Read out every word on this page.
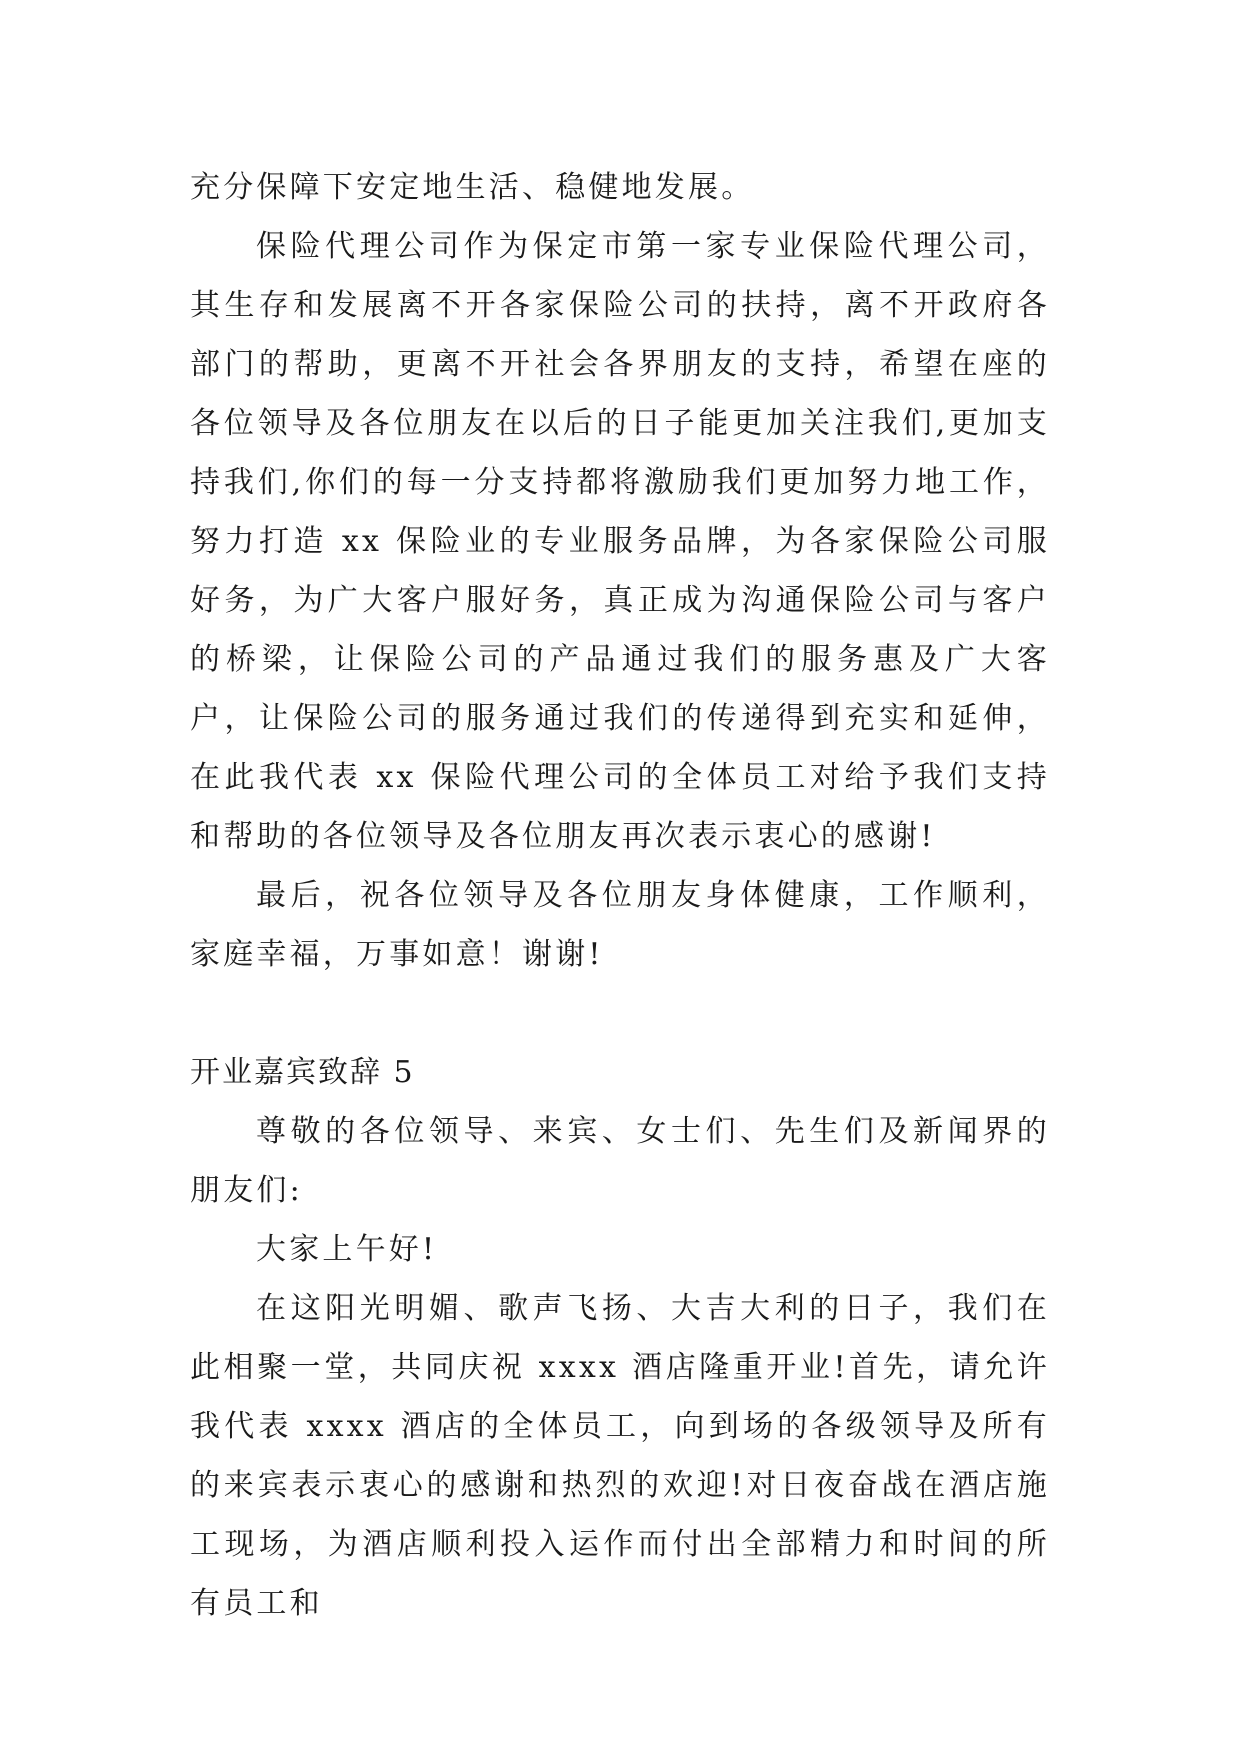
充分保障下安定地生活、稳健地发展。

保险代理公司作为保定市第一家专业保险代理公司，其生存和发展离不开各家保险公司的扶持，离不开政府各部门的帮助，更离不开社会各界朋友的支持，希望在座的各位领导及各位朋友在以后的日子能更加关注我们,更加支持我们,你们的每一分支持都将激励我们更加努力地工作，努力打造 xx 保险业的专业服务品牌，为各家保险公司服好务，为广大客户服好务，真正成为沟通保险公司与客户的桥梁，让保险公司的产品通过我们的服务惠及广大客户，让保险公司的服务通过我们的传递得到充实和延伸，在此我代表 xx 保险代理公司的全体员工对给予我们支持和帮助的各位领导及各位朋友再次表示衷心的感谢!

最后，祝各位领导及各位朋友身体健康，工作顺利，家庭幸福，万事如意！谢谢!

开业嘉宾致辞 5

尊敬的各位领导、来宾、女士们、先生们及新闻界的朋友们:

大家上午好!

在这阳光明媚、歌声飞扬、大吉大利的日子，我们在此相聚一堂，共同庆祝 xxxx 酒店隆重开业!首先，请允许我代表 xxxx 酒店的全体员工，向到场的各级领导及所有的来宾表示衷心的感谢和热烈的欢迎!对日夜奋战在酒店施工现场，为酒店顺利投入运作而付出全部精力和时间的所有员工和
